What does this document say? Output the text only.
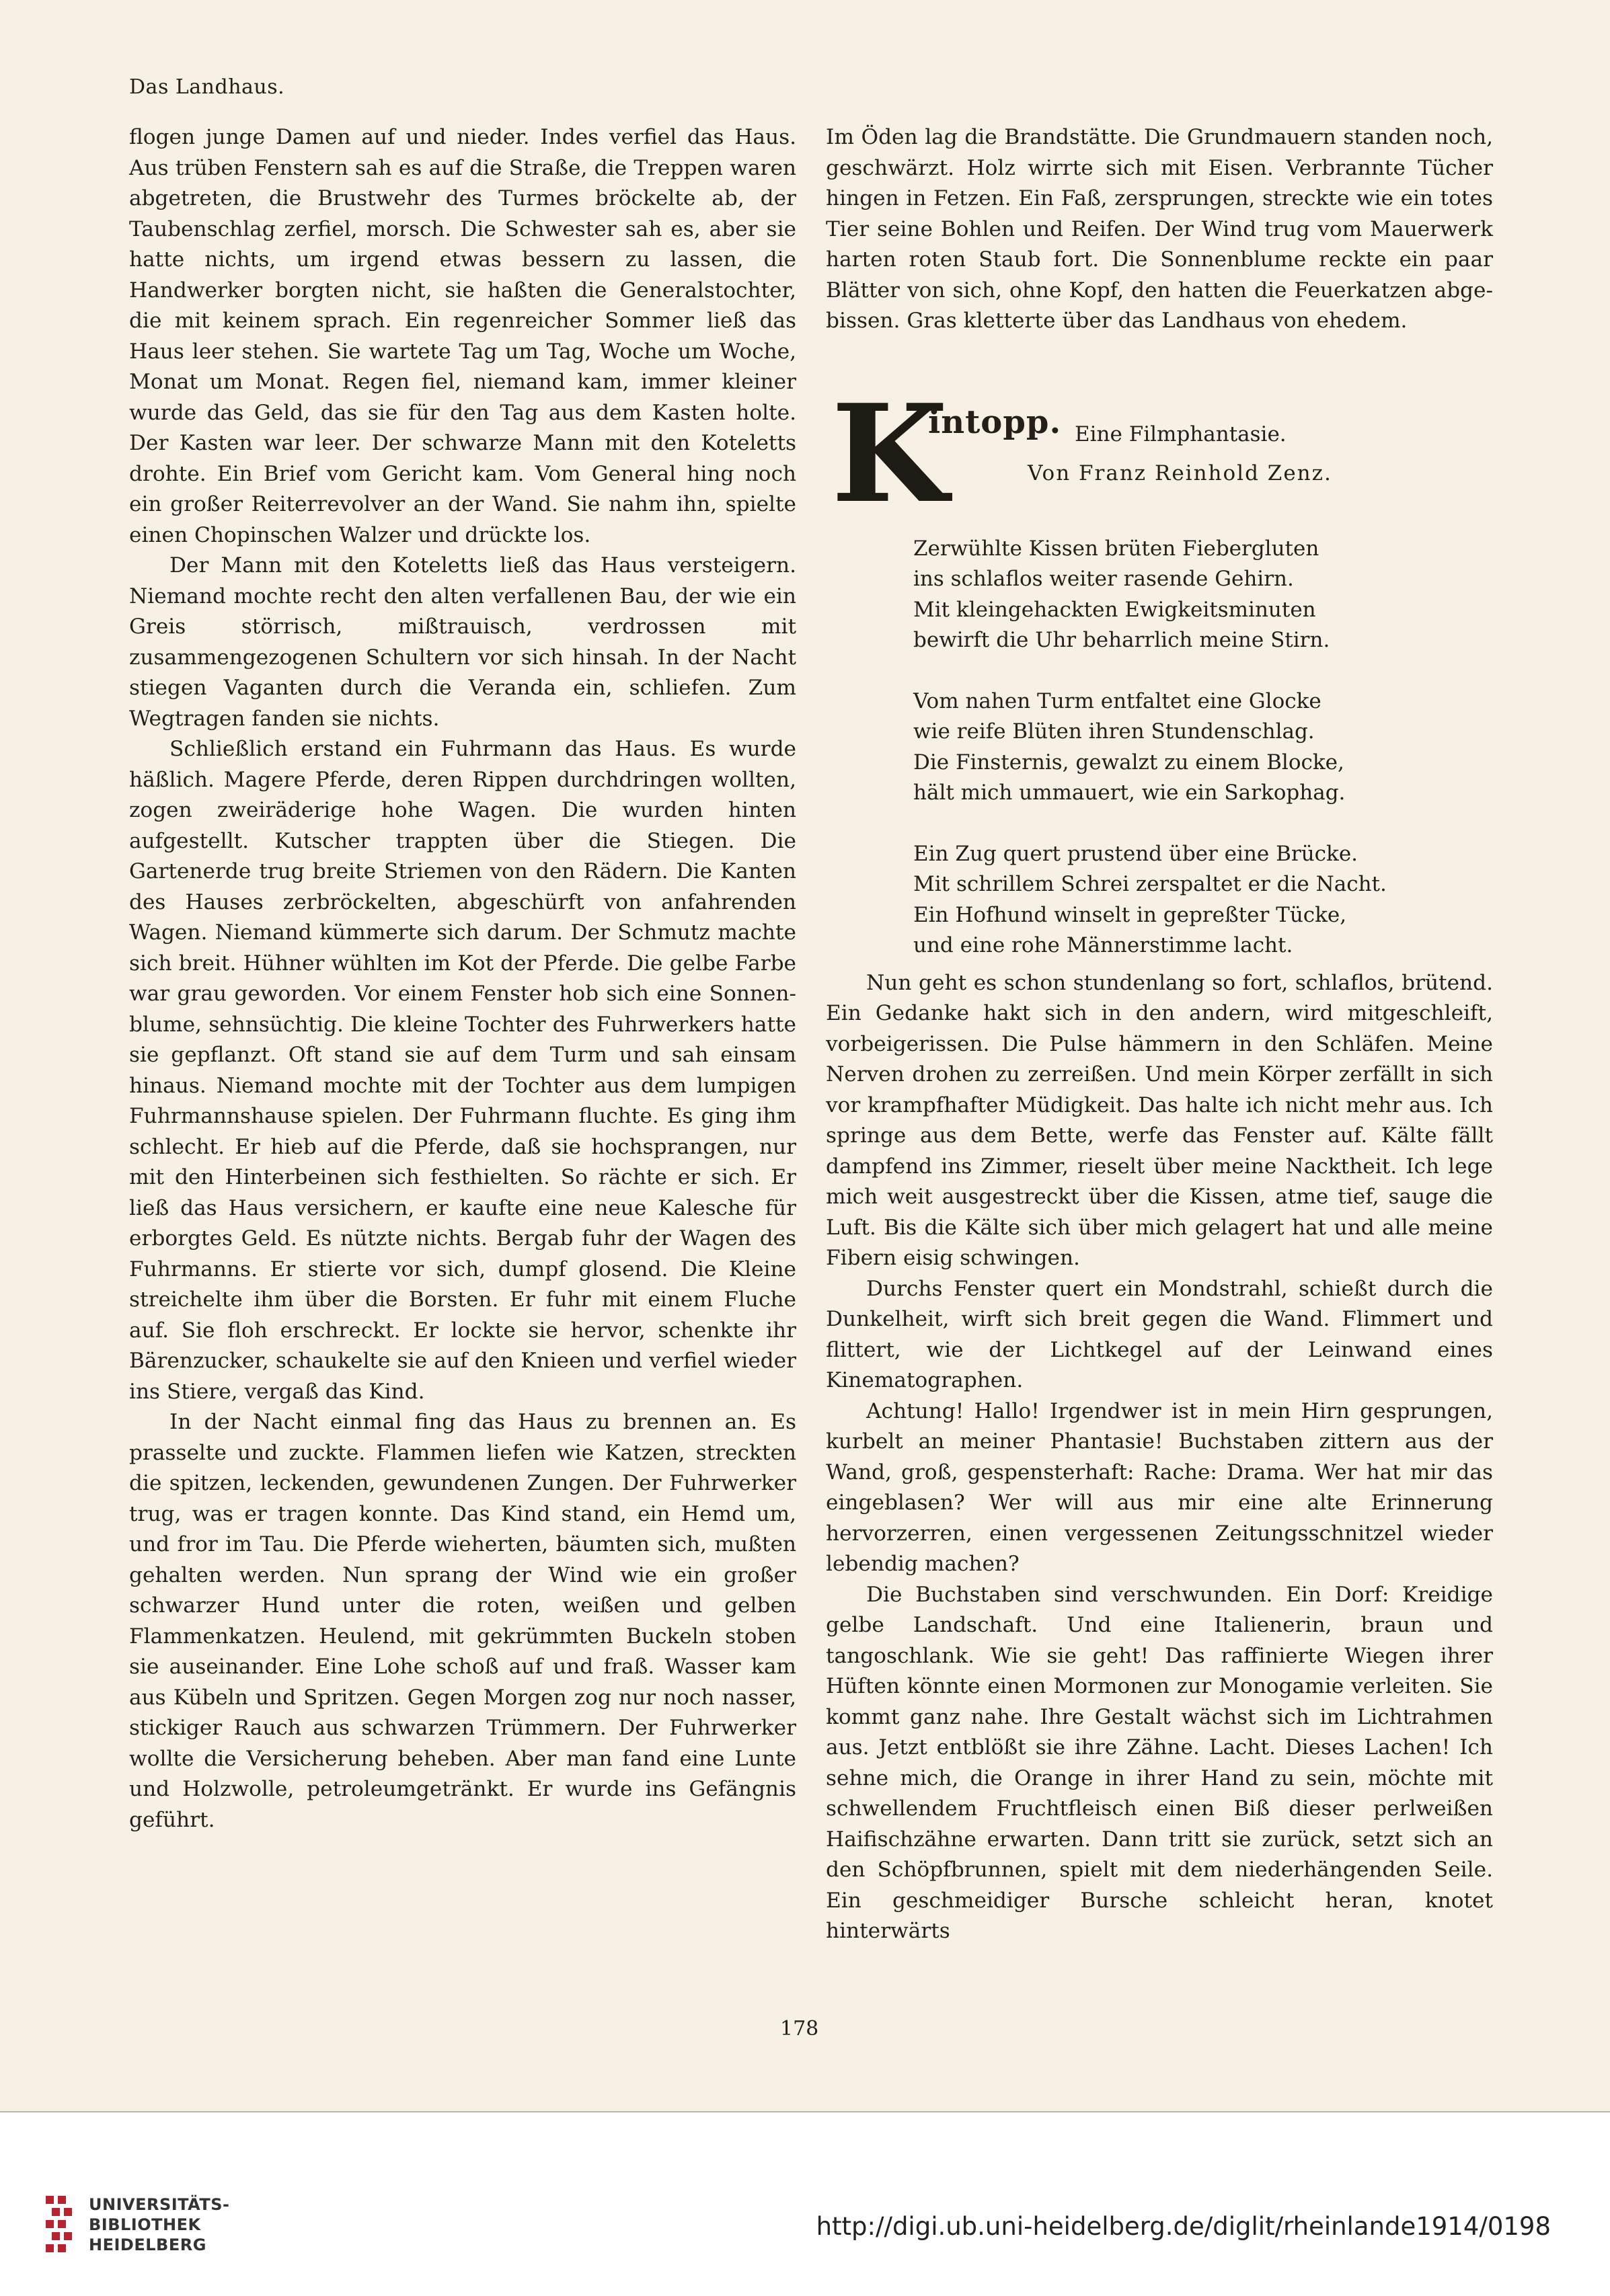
Das Landhaus.

flogen junge Damen auf und nieder. Indes verfiel das Haus. Aus trüben Fenstern sah es auf die Straße, die Treppen waren abgetreten, die Brustwehr des Turmes bröckelte ab, der Taubenschlag zerfiel, morsch. Die Schwester sah es, aber sie hatte nichts, um irgend etwas bessern zu lassen, die Handwerker borgten nicht, sie haßten die Generalstochter, die mit keinem sprach. Ein regenreicher Sommer ließ das Haus leer stehen. Sie wartete Tag um Tag, Woche um Woche, Monat um Monat. Regen fiel, niemand kam, immer kleiner wurde das Geld, das sie für den Tag aus dem Kasten holte. Der Kasten war leer. Der schwarze Mann mit den Koteletts drohte. Ein Brief vom Gericht kam. Vom General hing noch ein großer Reiterrevolver an der Wand. Sie nahm ihn, spielte einen Chopinschen Walzer und drückte los.

Der Mann mit den Koteletts ließ das Haus versteigern. Niemand mochte recht den alten verfallenen Bau, der wie ein Greis störrisch, mißtrauisch, verdrossen mit zusammengezogenen Schultern vor sich hinsah. In der Nacht stiegen Vaganten durch die Veranda ein, schliefen. Zum Wegtragen fanden sie nichts.

Schließlich erstand ein Fuhrmann das Haus. Es wurde häßlich. Magere Pferde, deren Rippen durchdringen wollten, zogen zweiräderige hohe Wagen. Die wurden hinten aufgestellt. Kutscher trappten über die Stiegen. Die Gartenerde trug breite Striemen von den Rädern. Die Kanten des Hauses zerbröckelten, abgeschürft von anfahrenden Wagen. Niemand kümmerte sich darum. Der Schmutz machte sich breit. Hühner wühlten im Kot der Pferde. Die gelbe Farbe war grau geworden. Vor einem Fenster hob sich eine Sonnenblume, sehnsüchtig. Die kleine Tochter des Fuhrwerkers hatte sie gepflanzt. Oft stand sie auf dem Turm und sah einsam hinaus. Niemand mochte mit der Tochter aus dem lumpigen Fuhrmannshause spielen. Der Fuhrmann fluchte. Es ging ihm schlecht. Er hieb auf die Pferde, daß sie hochsprangen, nur mit den Hinterbeinen sich festhielten. So rächte er sich. Er ließ das Haus versichern, er kaufte eine neue Kalesche für erborgtes Geld. Es nützte nichts. Bergab fuhr der Wagen des Fuhrmanns. Er stierte vor sich, dumpf glosend. Die Kleine streichelte ihm über die Borsten. Er fuhr mit einem Fluche auf. Sie floh erschreckt. Er lockte sie hervor, schenkte ihr Bärenzucker, schaukelte sie auf den Knieen und verfiel wieder ins Stiere, vergaß das Kind.

In der Nacht einmal fing das Haus zu brennen an. Es prasselte und zuckte. Flammen liefen wie Katzen, streckten die spitzen, leckenden, gewundenen Zungen. Der Fuhrwerker trug, was er tragen konnte. Das Kind stand, ein Hemd um, und fror im Tau. Die Pferde wieherten, bäumten sich, mußten gehalten werden. Nun sprang der Wind wie ein großer schwarzer Hund unter die roten, weißen und gelben Flammenkatzen. Heulend, mit gekrümmten Buckeln stoben sie auseinander. Eine Lohe schoß auf und fraß. Wasser kam aus Kübeln und Spritzen. Gegen Morgen zog nur noch nasser, stickiger Rauch aus schwarzen Trümmern. Der Fuhrwerker wollte die Versicherung beheben. Aber man fand eine Lunte und Holzwolle, petroleumgetränkt. Er wurde ins Gefängnis geführt.

Im Öden lag die Brandstätte. Die Grundmauern standen noch, geschwärzt. Holz wirrte sich mit Eisen. Verbrannte Tücher hingen in Fetzen. Ein Faß, zersprungen, streckte wie ein totes Tier seine Bohlen und Reifen. Der Wind trug vom Mauerwerk harten roten Staub fort. Die Sonnenblume reckte ein paar Blätter von sich, ohne Kopf, den hatten die Feuerkatzen abgebissen. Gras kletterte über das Landhaus von ehedem.

K
intopp. Eine Filmphantasie.
Von Franz Reinhold Zenz.
Zerwühlte Kissen brüten Fiebergluten
ins schlaflos weiter rasende Gehirn.
Mit kleingehackten Ewigkeitsminuten
bewirft die Uhr beharrlich meine Stirn.
Vom nahen Turm entfaltet eine Glocke
wie reife Blüten ihren Stundenschlag.
Die Finsternis, gewalzt zu einem Blocke,
hält mich ummauert, wie ein Sarkophag.
Ein Zug quert prustend über eine Brücke.
Mit schrillem Schrei zerspaltet er die Nacht.
Ein Hofhund winselt in gepreßter Tücke,
und eine rohe Männerstimme lacht.

Nun geht es schon stundenlang so fort, schlaflos, brütend. Ein Gedanke hakt sich in den andern, wird mitgeschleift, vorbeigerissen. Die Pulse hämmern in den Schläfen. Meine Nerven drohen zu zerreißen. Und mein Körper zerfällt in sich vor krampfhafter Müdigkeit. Das halte ich nicht mehr aus. Ich springe aus dem Bette, werfe das Fenster auf. Kälte fällt dampfend ins Zimmer, rieselt über meine Nacktheit. Ich lege mich weit ausgestreckt über die Kissen, atme tief, sauge die Luft. Bis die Kälte sich über mich gelagert hat und alle meine Fibern eisig schwingen.

Durchs Fenster quert ein Mondstrahl, schießt durch die Dunkelheit, wirft sich breit gegen die Wand. Flimmert und flittert, wie der Lichtkegel auf der Leinwand eines Kinematographen.

Achtung! Hallo! Irgendwer ist in mein Hirn gesprungen, kurbelt an meiner Phantasie! Buchstaben zittern aus der Wand, groß, gespensterhaft: Rache: Drama. Wer hat mir das eingeblasen? Wer will aus mir eine alte Erinnerung hervorzerren, einen vergessenen Zeitungsschnitzel wieder lebendig machen?

Die Buchstaben sind verschwunden. Ein Dorf: Kreidige gelbe Landschaft. Und eine Italienerin, braun und tangoschlank. Wie sie geht! Das raffinierte Wiegen ihrer Hüften könnte einen Mormonen zur Monogamie verleiten. Sie kommt ganz nahe. Ihre Gestalt wächst sich im Lichtrahmen aus. Jetzt entblößt sie ihre Zähne. Lacht. Dieses Lachen! Ich sehne mich, die Orange in ihrer Hand zu sein, möchte mit schwellendem Fruchtfleisch einen Biß dieser perlweißen Haifischzähne erwarten. Dann tritt sie zurück, setzt sich an den Schöpfbrunnen, spielt mit dem niederhängenden Seile. Ein geschmeidiger Bursche schleicht heran, knotet hinterwärts

178
UNIVERSITÄTS-
BIBLIOTHEK
HEIDELBERG
http://digi.ub.uni-heidelberg.de/diglit/rheinlande1914/0198
